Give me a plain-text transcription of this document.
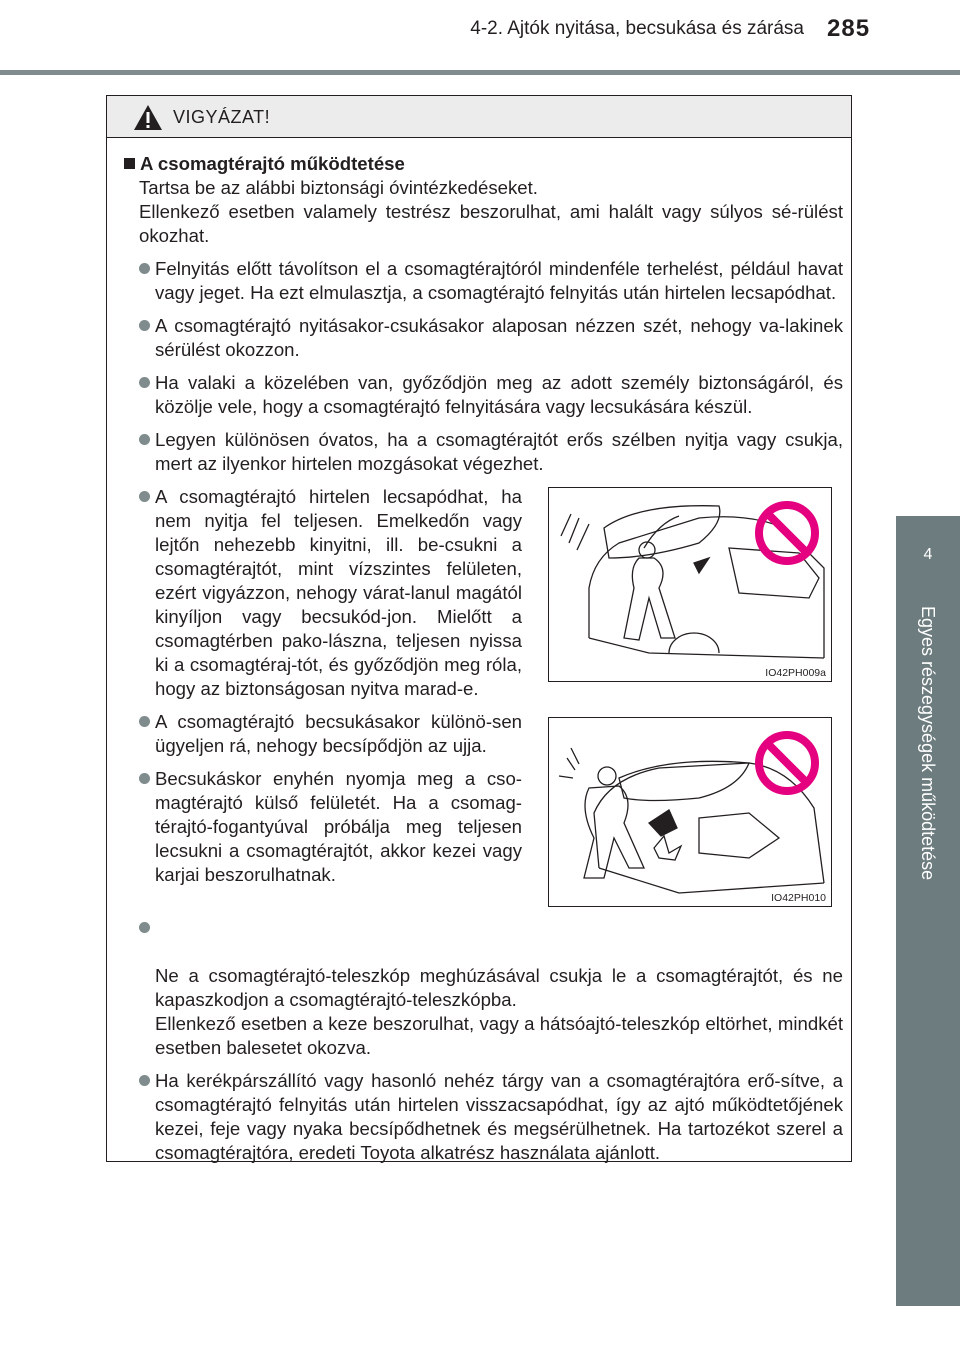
4-2. Ajtók nyitása, becsukása és zárása 285
4
Egyes részegységek működtetése
VIGYÁZAT!
A csomagtérajtó működtetése
Tartsa be az alábbi biztonsági óvintézkedéseket.
Ellenkező esetben valamely testrész beszorulhat, ami halált vagy súlyos sé-rülést okozhat.
Felnyitás előtt távolítson el a csomagtérajtóról mindenféle terhelést, például havat vagy jeget. Ha ezt elmulasztja, a csomagtérajtó felnyitás után hirtelen lecsapódhat.
A csomagtérajtó nyitásakor-csukásakor alaposan nézzen szét, nehogy va-lakinek sérülést okozzon.
Ha valaki a közelében van, győződjön meg az adott személy biztonságáról, és közölje vele, hogy a csomagtérajtó felnyitására vagy lecsukására készül.
Legyen különösen óvatos, ha a csomagtérajtót erős szélben nyitja vagy csukja, mert az ilyenkor hirtelen mozgásokat végezhet.
A csomagtérajtó hirtelen lecsapódhat, ha nem nyitja fel teljesen. Emelkedőn vagy lejtőn nehezebb kinyitni, ill. be-csukni a csomagtérajtót, mint vízszintes felületen, ezért vigyázzon, nehogy várat-lanul magától kinyíljon vagy becsukód-jon. Mielőtt a csomagtérben pako-lászna, teljesen nyissa ki a csomagtéraj-tót, és győződjön meg róla, hogy az biztonságosan nyitva marad-e.
IO42PH009a
A csomagtérajtó becsukásakor különö-sen ügyeljen rá, nehogy becsípődjön az ujja.
Becsukáskor enyhén nyomja meg a cso-magtérajtó külső felületét. Ha a csomag-térajtó-fogantyúval próbálja meg teljesen lecsukni a csomagtérajtót, akkor kezei vagy karjai beszorulhatnak.
IO42PH010

Ne a csomagtérajtó-teleszkóp meghúzásával csukja le a csomagtérajtót, és ne kapaszkodjon a csomagtérajtó-teleszkópba.
Ellenkező esetben a keze beszorulhat, vagy a hátsóajtó-teleszkóp eltörhet, mindkét esetben balesetet okozva.

Ha kerékpárszállító vagy hasonló nehéz tárgy van a csomagtérajtóra erő-sítve, a csomagtérajtó felnyitás után hirtelen visszacsapódhat, így az ajtó működtetőjének kezei, feje vagy nyaka becsípődhetnek és megsérülhetnek. Ha tartozékot szerel a csomagtérajtóra, eredeti Toyota alkatrész használata ajánlott.
